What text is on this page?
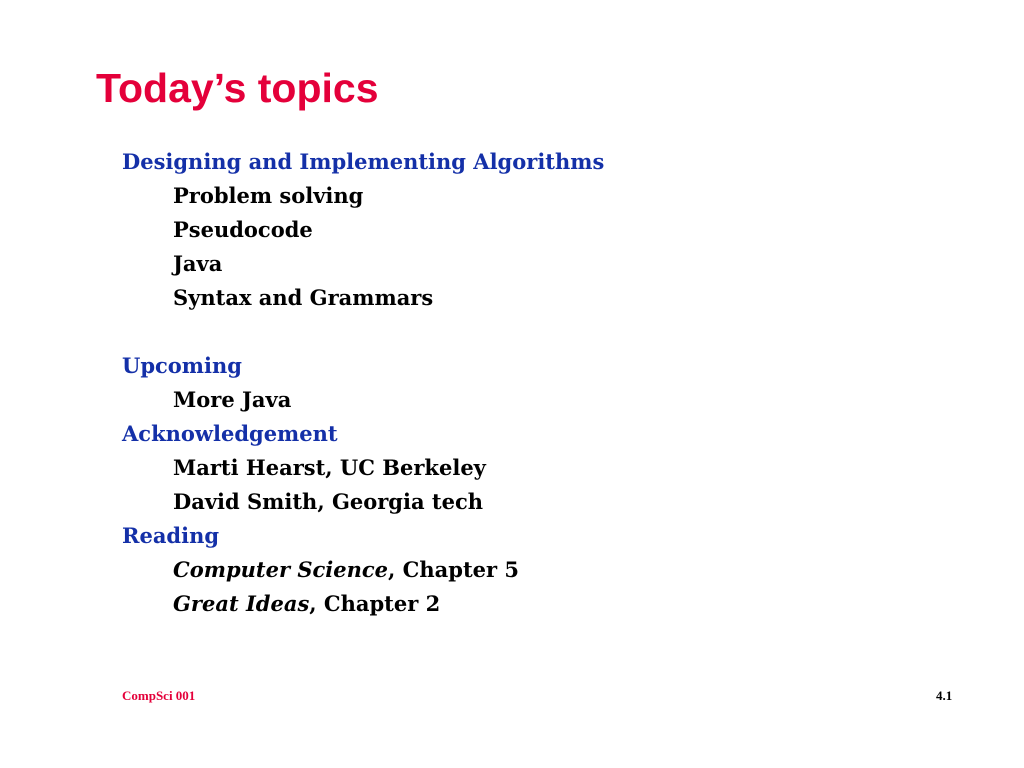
Today’s topics
Designing and Implementing Algorithms
Problem solving
Pseudocode
Java
Syntax and Grammars
Upcoming
More Java
Acknowledgement
Marti Hearst, UC Berkeley
David Smith, Georgia tech
Reading
Computer Science, Chapter 5
Great Ideas, Chapter 2
CompSci 001	4.1
